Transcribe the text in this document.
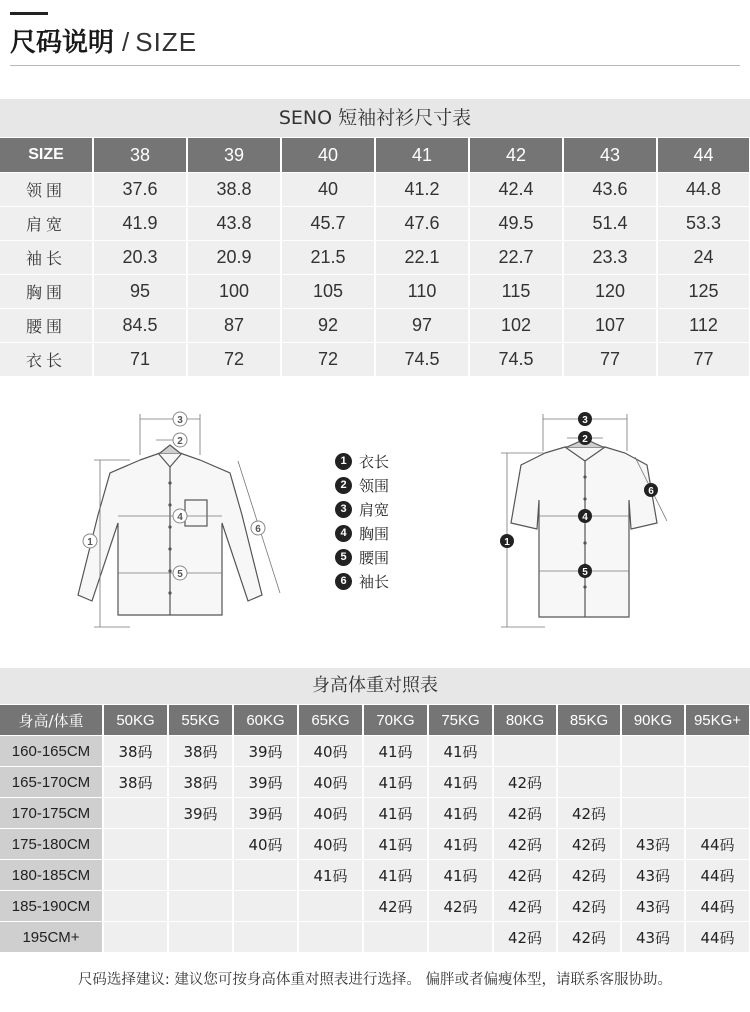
尺码说明 / SIZE
SENO 短袖衬衫尺寸表
SIZE	38	39	40	41	42	43	44
领围	37.6	38.8	40	41.2	42.4	43.6	44.8
肩宽	41.9	43.8	45.7	47.6	49.5	51.4	53.3
袖长	20.3	20.9	21.5	22.1	22.7	23.3	24
胸围	95	100	105	110	115	120	125
腰围	84.5	87	92	97	102	107	112
衣长	71	72	72	74.5	74.5	77	77
3
2
4
5
1
6
1 衣长
2 领围
3 肩宽
4 胸围
5 腰围
6 袖长
3
2
4
5
1
6
身高体重对照表
身高/体重	50KG	55KG	60KG	65KG	70KG	75KG	80KG	85KG	90KG	95KG+
160-165CM	38码	38码	39码	40码	41码	41码				
165-170CM	38码	38码	39码	40码	41码	41码	42码			
170-175CM		39码	39码	40码	41码	41码	42码	42码		
175-180CM			40码	40码	41码	41码	42码	42码	43码	44码
180-185CM				41码	41码	41码	42码	42码	43码	44码
185-190CM					42码	42码	42码	42码	43码	44码
195CM+							42码	42码	43码	44码
尺码选择建议: 建议您可按身高体重对照表进行选择。 偏胖或者偏瘦体型，请联系客服协助。
